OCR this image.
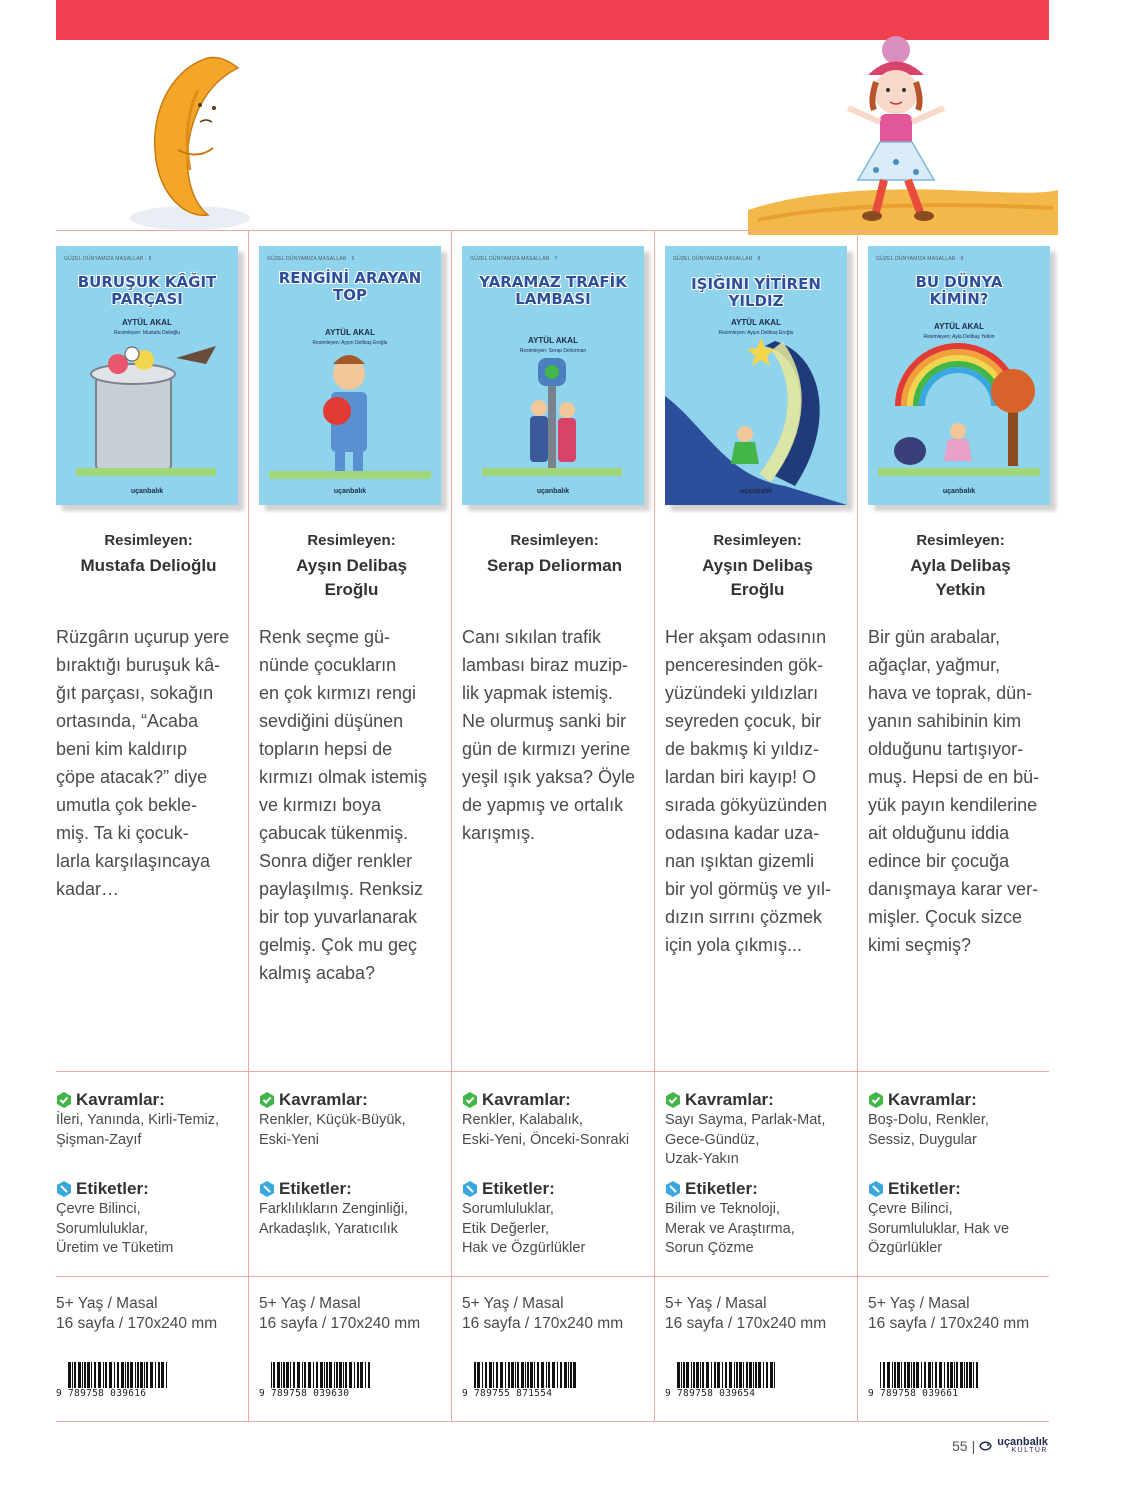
GÜZEL DÜNYAMIZA MASALLAR · 5
BURUŞUK KÂĞIT PARÇASI
AYTÜL AKAL
Resimleyen: Mustafa Delioğlu
uçanbalık
Resimleyen:
Mustafa Delioğlu
Rüzgârın uçurup yere
bıraktığı buruşuk kâ-
ğıt parçası, sokağın
ortasında, “Acaba
beni kim kaldırıp
çöpe atacak?” diye
umutla çok bekle-
miş. Ta ki çocuk-
larla karşılaşıncaya
kadar…
Kavramlar:
İleri, Yanında, Kirli-Temiz,
Şişman-Zayıf
Etiketler:
Çevre Bilinci,
Sorumluluklar,
Üretim ve Tüketim
5+ Yaş / Masal
16 sayfa / 170x240 mm
9 789758 039616
GÜZEL DÜNYAMIZA MASALLAR · 6
RENGİNİ ARAYAN TOP
AYTÜL AKAL
Resimleyen: Ayşın Delibaş Eroğlu
uçanbalık
Resimleyen:
Ayşın Delibaş
Eroğlu
Renk seçme gü-
nünde çocukların
en çok kırmızı rengi
sevdiğini düşünen
topların hepsi de
kırmızı olmak istemiş
ve kırmızı boya
çabucak tükenmiş.
Sonra diğer renkler
paylaşılmış. Renksiz
bir top yuvarlanarak
gelmiş. Çok mu geç
kalmış acaba?
Kavramlar:
Renkler, Küçük-Büyük,
Eski-Yeni
Etiketler:
Farklılıkların Zenginliği,
Arkadaşlık, Yaratıcılık
5+ Yaş / Masal
16 sayfa / 170x240 mm
9 789758 039630
GÜZEL DÜNYAMIZA MASALLAR · 7
YARAMAZ TRAFİK LAMBASI
AYTÜL AKAL
Resimleyen: Serap Deliorman
uçanbalık
Resimleyen:
Serap Deliorman
Canı sıkılan trafik
lambası biraz muzip-
lik yapmak istemiş.
Ne olurmuş sanki bir
gün de kırmızı yerine
yeşil ışık yaksa? Öyle
de yapmış ve ortalık
karışmış.
Kavramlar:
Renkler, Kalabalık,
Eski-Yeni, Önceki-Sonraki
Etiketler:
Sorumluluklar,
Etik Değerler,
Hak ve Özgürlükler
5+ Yaş / Masal
16 sayfa / 170x240 mm
9 789755 871554
GÜZEL DÜNYAMIZA MASALLAR · 8
IŞIĞINI YİTİREN YILDIZ
AYTÜL AKAL
Resimleyen: Ayşın Delibaş Eroğlu
uçanbalık
Resimleyen:
Ayşın Delibaş
Eroğlu
Her akşam odasının
penceresinden gök-
yüzündeki yıldızları
seyreden çocuk, bir
de bakmış ki yıldız-
lardan biri kayıp! O
sırada gökyüzünden
odasına kadar uza-
nan ışıktan gizemli
bir yol görmüş ve yıl-
dızın sırrını çözmek
için yola çıkmış...
Kavramlar:
Sayı Sayma, Parlak-Mat,
Gece-Gündüz,
Uzak-Yakın
Etiketler:
Bilim ve Teknoloji,
Merak ve Araştırma,
Sorun Çözme
5+ Yaş / Masal
16 sayfa / 170x240 mm
9 789758 039654
GÜZEL DÜNYAMIZA MASALLAR · 9
BU DÜNYA KİMİN?
AYTÜL AKAL
Resimleyen: Ayla Delibaş Yetkin
uçanbalık
Resimleyen:
Ayla Delibaş
Yetkin
Bir gün arabalar,
ağaçlar, yağmur,
hava ve toprak, dün-
yanın sahibinin kim
olduğunu tartışıyor-
muş. Hepsi de en bü-
yük payın kendilerine
ait olduğunu iddia
edince bir çocuğa
danışmaya karar ver-
mişler. Çocuk sizce
kimi seçmiş?
Kavramlar:
Boş-Dolu, Renkler,
Sessiz, Duygular
Etiketler:
Çevre Bilinci,
Sorumluluklar, Hak ve
Özgürlükler
5+ Yaş / Masal
16 sayfa / 170x240 mm
9 789758 039661
55 | uçanbalık
KÜLTÜR
